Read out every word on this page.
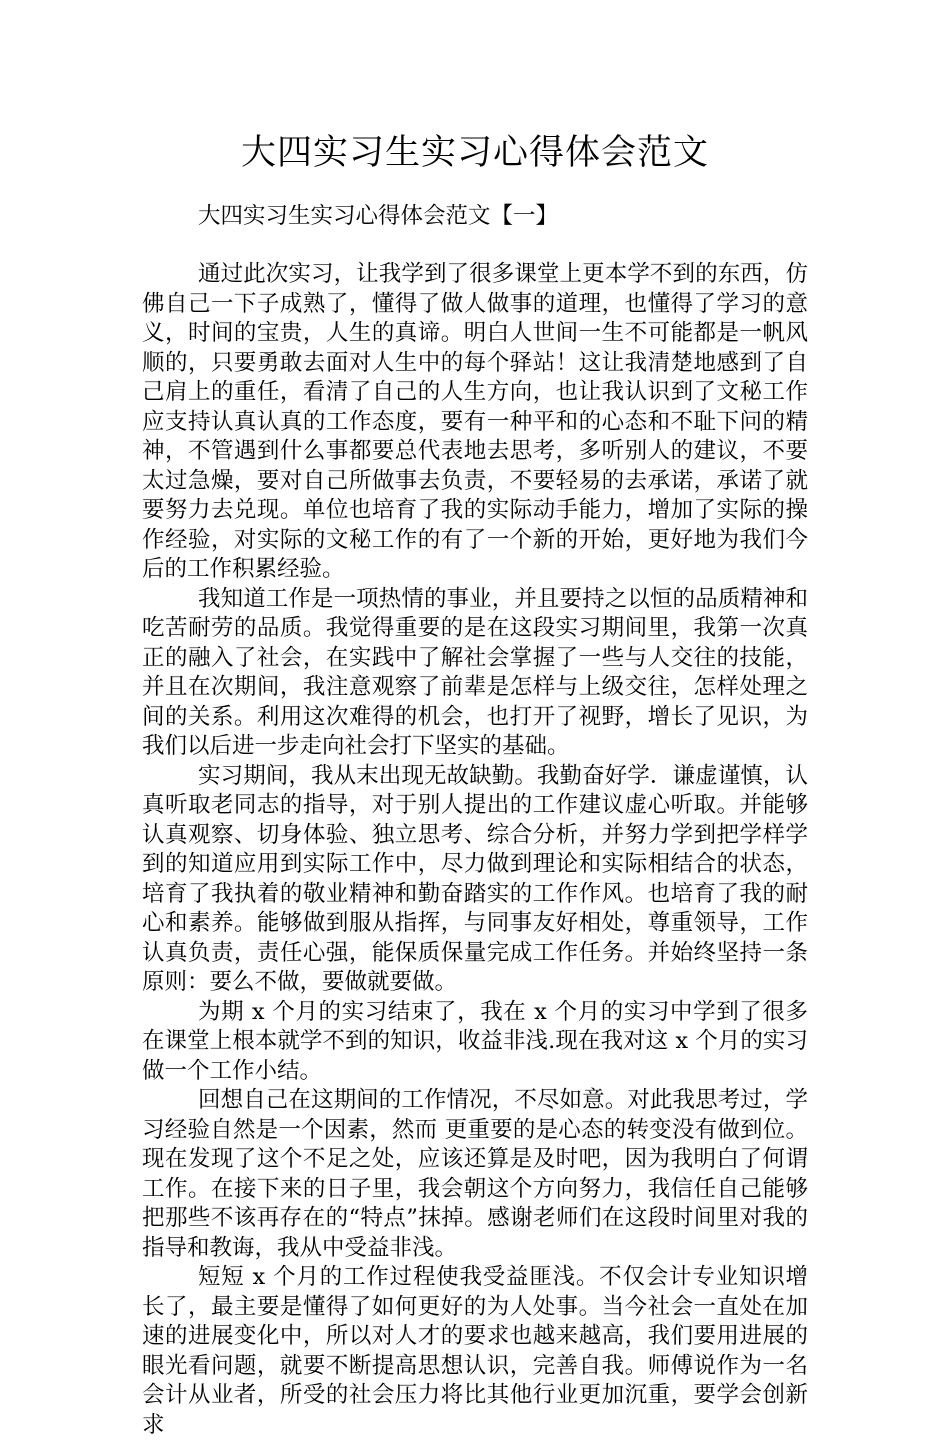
大四实习生实习心得体会范文

大四实习生实习心得体会范文【一】

通过此次实习，让我学到了很多课堂上更本学不到的东西，仿佛自己一下子成熟了，懂得了做人做事的道理，也懂得了学习的意义，时间的宝贵，人生的真谛。明白人世间一生不可能都是一帆风顺的，只要勇敢去面对人生中的每个驿站！这让我清楚地感到了自己肩上的重任，看清了自己的人生方向，也让我认识到了文秘工作应支持认真认真的工作态度，要有一种平和的心态和不耻下问的精神，不管遇到什么事都要总代表地去思考，多听别人的建议，不要太过急燥，要对自己所做事去负责，不要轻易的去承诺，承诺了就要努力去兑现。单位也培育了我的实际动手能力，增加了实际的操作经验，对实际的文秘工作的有了一个新的开始，更好地为我们今后的工作积累经验。

我知道工作是一项热情的事业，并且要持之以恒的品质精神和吃苦耐劳的品质。我觉得重要的是在这段实习期间里，我第一次真正的融入了社会，在实践中了解社会掌握了一些与人交往的技能，并且在次期间，我注意观察了前辈是怎样与上级交往，怎样处理之间的关系。利用这次难得的机会，也打开了视野，增长了见识，为我们以后进一步走向社会打下坚实的基础。

实习期间，我从末出现无故缺勤。我勤奋好学．谦虚谨慎，认真听取老同志的指导，对于别人提出的工作建议虚心听取。并能够认真观察、切身体验、独立思考、综合分析，并努力学到把学样学到的知道应用到实际工作中，尽力做到理论和实际相结合的状态，培育了我执着的敬业精神和勤奋踏实的工作作风。也培育了我的耐心和素养。能够做到服从指挥，与同事友好相处，尊重领导，工作认真负责，责任心强，能保质保量完成工作任务。并始终坚持一条原则：要么不做，要做就要做。

为期 x 个月的实习结束了，我在 x 个月的实习中学到了很多在课堂上根本就学不到的知识，收益非浅.现在我对这 x 个月的实习做一个工作小结。

回想自己在这期间的工作情况，不尽如意。对此我思考过，学习经验自然是一个因素，然而 更重要的是心态的转变没有做到位。现在发现了这个不足之处，应该还算是及时吧，因为我明白了何谓工作。在接下来的日子里，我会朝这个方向努力，我信任自己能够把那些不该再存在的“特点”抹掉。感谢老师们在这段时间里对我的指导和教诲，我从中受益非浅。

短短 x 个月的工作过程使我受益匪浅。不仅会计专业知识增长了，最主要是懂得了如何更好的为人处事。当今社会一直处在加速的进展变化中，所以对人才的要求也越来越高，我们要用进展的眼光看问题，就要不断提高思想认识，完善自我。师傅说作为一名会计从业者，所受的社会压力将比其他行业更加沉重，要学会创新求
